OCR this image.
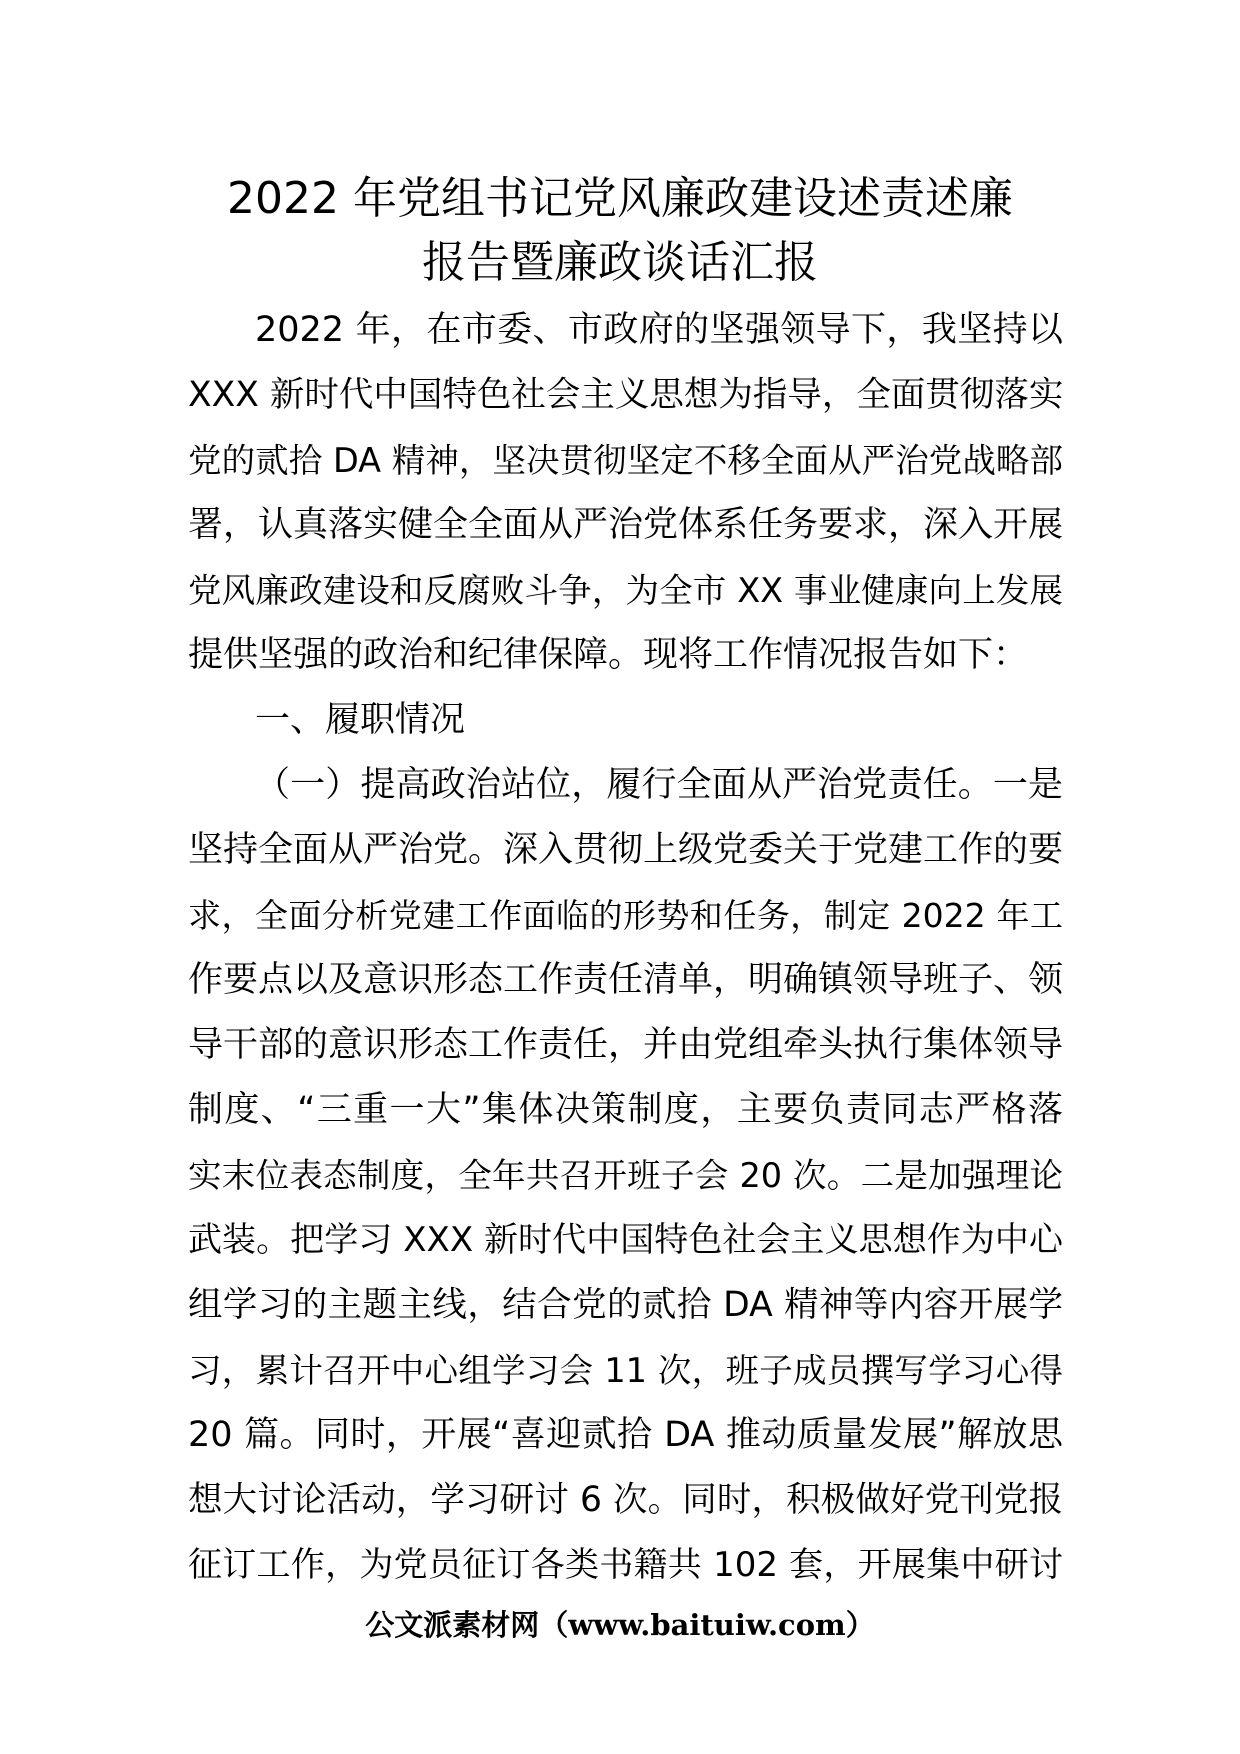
2022 年党组书记党风廉政建设述责述廉
报告暨廉政谈话汇报
2022 年，在市委、市政府的坚强领导下，我坚持以
XXX 新时代中国特色社会主义思想为指导，全面贯彻落实
党的贰拾 DA 精神，坚决贯彻坚定不移全面从严治党战略部
署，认真落实健全全面从严治党体系任务要求，深入开展
党风廉政建设和反腐败斗争，为全市 XX 事业健康向上发展
提供坚强的政治和纪律保障。现将工作情况报告如下：
一、履职情况
（一）提高政治站位，履行全面从严治党责任。一是
坚持全面从严治党。深入贯彻上级党委关于党建工作的要
求，全面分析党建工作面临的形势和任务，制定 2022 年工
作要点以及意识形态工作责任清单，明确镇领导班子、领
导干部的意识形态工作责任，并由党组牵头执行集体领导
制度、“三重一大”集体决策制度，主要负责同志严格落
实末位表态制度，全年共召开班子会 20 次。二是加强理论
武装。把学习 XXX 新时代中国特色社会主义思想作为中心
组学习的主题主线，结合党的贰拾 DA 精神等内容开展学
习，累计召开中心组学习会 11 次，班子成员撰写学习心得
20 篇。同时，开展“喜迎贰拾 DA 推动质量发展”解放思
想大讨论活动，学习研讨 6 次。同时，积极做好党刊党报
征订工作，为党员征订各类书籍共 102 套，开展集中研讨
公文派素材网（www.baituiw.com）
